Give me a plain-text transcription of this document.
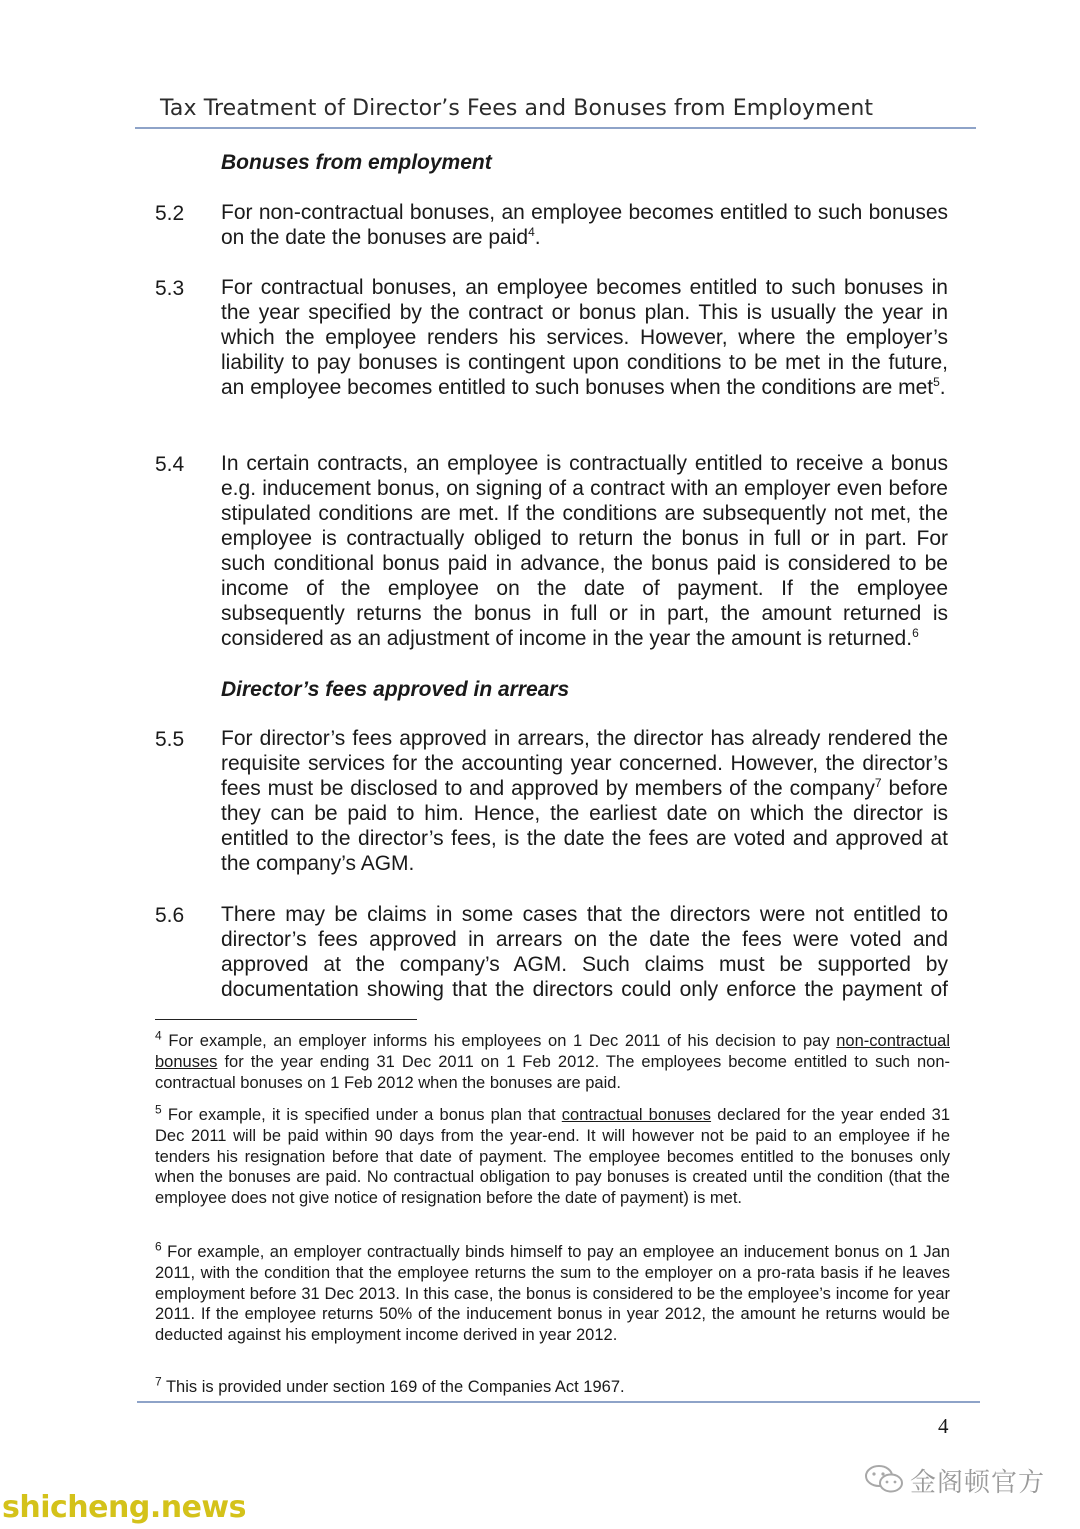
Tax Treatment of Director’s Fees and Bonuses from Employment
Bonuses from employment
5.2 For non-contractual bonuses, an employee becomes entitled to such bonuses on the date the bonuses are paid$^4$.
5.3 For contractual bonuses, an employee becomes entitled to such bonuses in the year specified by the contract or bonus plan. This is usually the year in which the employee renders his services. However, where the employer’s liability to pay bonuses is contingent upon conditions to be met in the future, an employee becomes entitled to such bonuses when the conditions are met$^5$.
5.4 In certain contracts, an employee is contractually entitled to receive a bonus e.g. inducement bonus, on signing of a contract with an employer even before stipulated conditions are met. If the conditions are subsequently not met, the employee is contractually obliged to return the bonus in full or in part. For such conditional bonus paid in advance, the bonus paid is considered to be income of the employee on the date of payment. If the employee subsequently returns the bonus in full or in part, the amount returned is considered as an adjustment of income in the year the amount is returned.$^6$
Director’s fees approved in arrears
5.5 For director’s fees approved in arrears, the director has already rendered the requisite services for the accounting year concerned. However, the director’s fees must be disclosed to and approved by members of the company$^7$ before they can be paid to him. Hence, the earliest date on which the director is entitled to the director’s fees, is the date the fees are voted and approved at the company’s AGM.
5.6 There may be claims in some cases that the directors were not entitled to director’s fees approved in arrears on the date the fees were voted and approved at the company’s AGM. Such claims must be supported by documentation showing that the directors could only enforce the payment of
$^4$ For example, an employer informs his employees on 1 Dec 2011 of his decision to pay non-contractual bonuses for the year ending 31 Dec 2011 on 1 Feb 2012. The employees become entitled to such non-contractual bonuses on 1 Feb 2012 when the bonuses are paid.
$^5$ For example, it is specified under a bonus plan that contractual bonuses declared for the year ended 31 Dec 2011 will be paid within 90 days from the year-end. It will however not be paid to an employee if he tenders his resignation before that date of payment. The employee becomes entitled to the bonuses only when the bonuses are paid. No contractual obligation to pay bonuses is created until the condition (that the employee does not give notice of resignation before the date of payment) is met.
$^6$ For example, an employer contractually binds himself to pay an employee an inducement bonus on 1 Jan 2011, with the condition that the employee returns the sum to the employer on a pro-rata basis if he leaves employment before 31 Dec 2013. In this case, the bonus is considered to be the employee’s income for year 2011. If the employee returns 50% of the inducement bonus in year 2012, the amount he returns would be deducted against his employment income derived in year 2012.
$^7$ This is provided under section 169 of the Companies Act 1967.
4
金阁顿官方
shicheng.news
